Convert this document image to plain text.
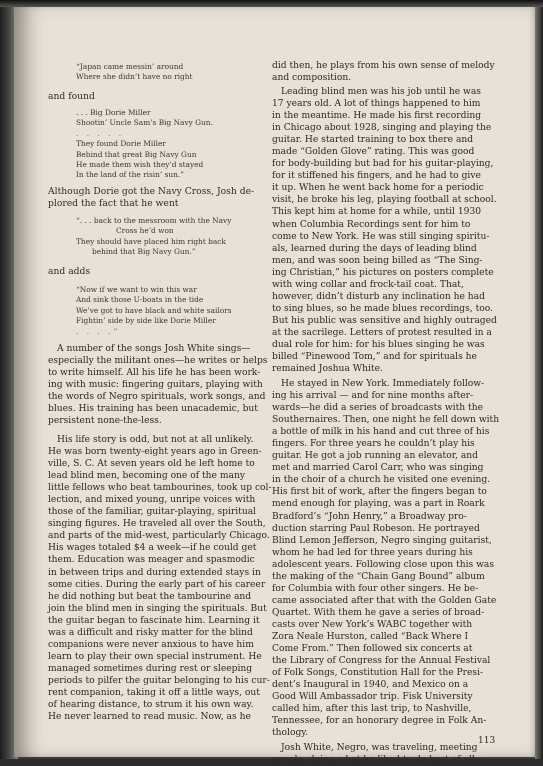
“Japan came messin’ around
Where she didn’t have no right
and found
. . . Big Dorie Miller
Shootin’ Uncle Sam’s Big Navy Gun.
. . . . .
They found Dorie Miller
Behind that great Big Navy Gun
He made them wish they’d stayed
In the land of the risin’ sun.”
Although Dorie got the Navy Cross, Josh de-
plored the fact that he went
“. . . back to the messroom with the Navy
Cross he’d won
They should have placed him right back
behind that Big Navy Gun.”
and adds
“Now if we want to win this war
And sink those U-boats in the tide
We’ve got to have black and white sailors
Fightin’ side by side like Dorie Miller
. . . .”
A number of the songs Josh White sings—
especially the militant ones—he writes or helps
to write himself. All his life he has been work-
ing with music: fingering guitars, playing with
the words of Negro spirituals, work songs, and
blues. His training has been unacademic, but
persistent none-the-less.
His life story is odd, but not at all unlikely.
He was born twenty-eight years ago in Green-
ville, S. C. At seven years old he left home to
lead blind men, becoming one of the many
little fellows who beat tambourines, took up col-
lection, and mixed young, unripe voices with
those of the familiar, guitar-playing, spiritual
singing figures. He traveled all over the South,
and parts of the mid-west, particularly Chicago.
His wages totaled $4 a week—if he could get
them. Education was meager and spasmodic
in between trips and during extended stays in
some cities. During the early part of his career
he did nothing but beat the tambourine and
join the blind men in singing the spirituals. But
the guitar began to fascinate him. Learning it
was a difficult and risky matter for the blind
companions were never anxious to have him
learn to play their own special instrument. He
managed sometimes during rest or sleeping
periods to pilfer the guitar belonging to his cur-
rent companion, taking it off a little ways, out
of hearing distance, to strum it his own way.
He never learned to read music. Now, as he
did then, he plays from his own sense of melody
and composition.
Leading blind men was his job until he was
17 years old. A lot of things happened to him
in the meantime. He made his first recording
in Chicago about 1928, singing and playing the
guitar. He started training to box there and
made “Golden Glove” rating. This was good
for body-building but bad for his guitar-playing,
for it stiffened his fingers, and he had to give
it up. When he went back home for a periodic
visit, he broke his leg, playing football at school.
This kept him at home for a while, until 1930
when Columbia Recordings sent for him to
come to New York. He was still singing spiritu-
als, learned during the days of leading blind
men, and was soon being billed as “The Sing-
ing Christian,” his pictures on posters complete
with wing collar and frock-tail coat. That,
however, didn’t disturb any inclination he had
to sing blues, so he made blues recordings, too.
But his public was sensitive and highly outraged
at the sacrilege. Letters of protest resulted in a
dual role for him: for his blues singing he was
billed “Pinewood Tom,” and for spirituals he
remained Joshua White.
He stayed in New York. Immediately follow-
ing his arrival — and for nine months after-
wards—he did a series of broadcasts with the
Southernaires. Then, one night he fell down with
a bottle of milk in his hand and cut three of his
fingers. For three years he couldn’t play his
guitar. He got a job running an elevator, and
met and married Carol Carr, who was singing
in the choir of a church he visited one evening.
His first bit of work, after the fingers began to
mend enough for playing, was a part in Roark
Bradford’s “John Henry,” a Broadway pro-
duction starring Paul Robeson. He portrayed
Blind Lemon Jefferson, Negro singing guitarist,
whom he had led for three years during his
adolescent years. Following close upon this was
the making of the “Chain Gang Bound” album
for Columbia with four other singers. He be-
came associated after that with the Golden Gate
Quartet. With them he gave a series of broad-
casts over New York’s WABC together with
Zora Neale Hurston, called “Back Where I
Come From.” Then followed six concerts at
the Library of Congress for the Annual Festival
of Folk Songs, Constitution Hall for the Presi-
dent’s Inaugural in 1940, and Mexico on a
Good Will Ambassador trip. Fisk University
called him, after this last trip, to Nashville,
Tennessee, for an honorary degree in Folk An-
thology.
Josh White, Negro, was traveling, meeting
people, doing what he liked to do best of all—
113
